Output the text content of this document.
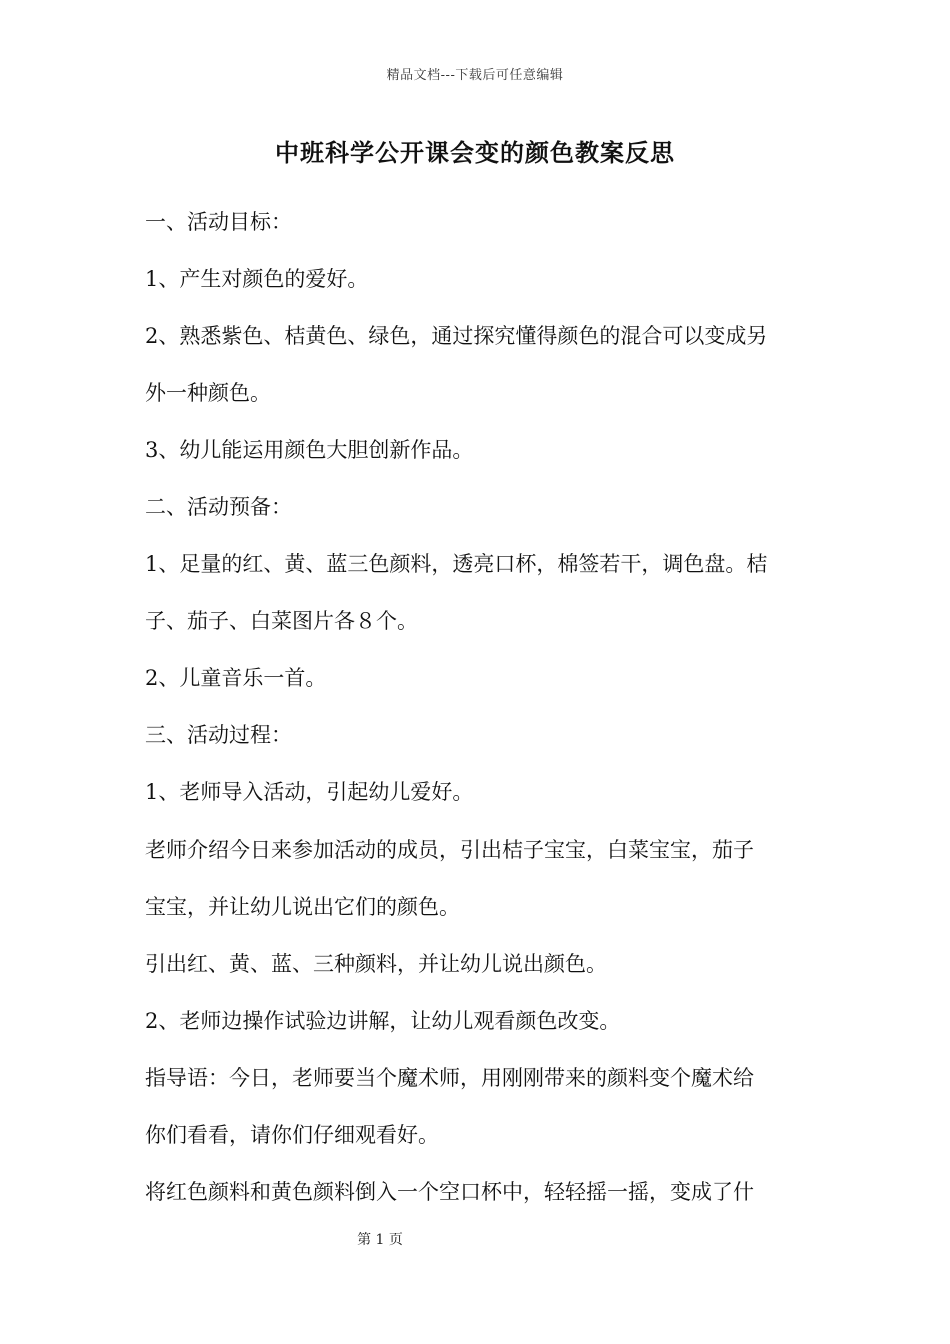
精品文档---下载后可任意编辑
中班科学公开课会变的颜色教案反思
一、活动目标：
1、产生对颜色的爱好。
2、熟悉紫色、桔黄色、绿色，通过探究懂得颜色的混合可以变成另
外一种颜色。
3、幼儿能运用颜色大胆创新作品。
二、活动预备：
1、足量的红、黄、蓝三色颜料，透亮口杯，棉签若干，调色盘。桔
子、茄子、白菜图片各８个。
2、儿童音乐一首。
三、活动过程：
1、老师导入活动，引起幼儿爱好。
老师介绍今日来参加活动的成员，引出桔子宝宝，白菜宝宝，茄子
宝宝，并让幼儿说出它们的颜色。
引出红、黄、蓝、三种颜料，并让幼儿说出颜色。
2、老师边操作试验边讲解，让幼儿观看颜色改变。
指导语：今日，老师要当个魔术师，用刚刚带来的颜料变个魔术给
你们看看，请你们仔细观看好。
将红色颜料和黄色颜料倒入一个空口杯中，轻轻摇一摇，变成了什
第 1 页
